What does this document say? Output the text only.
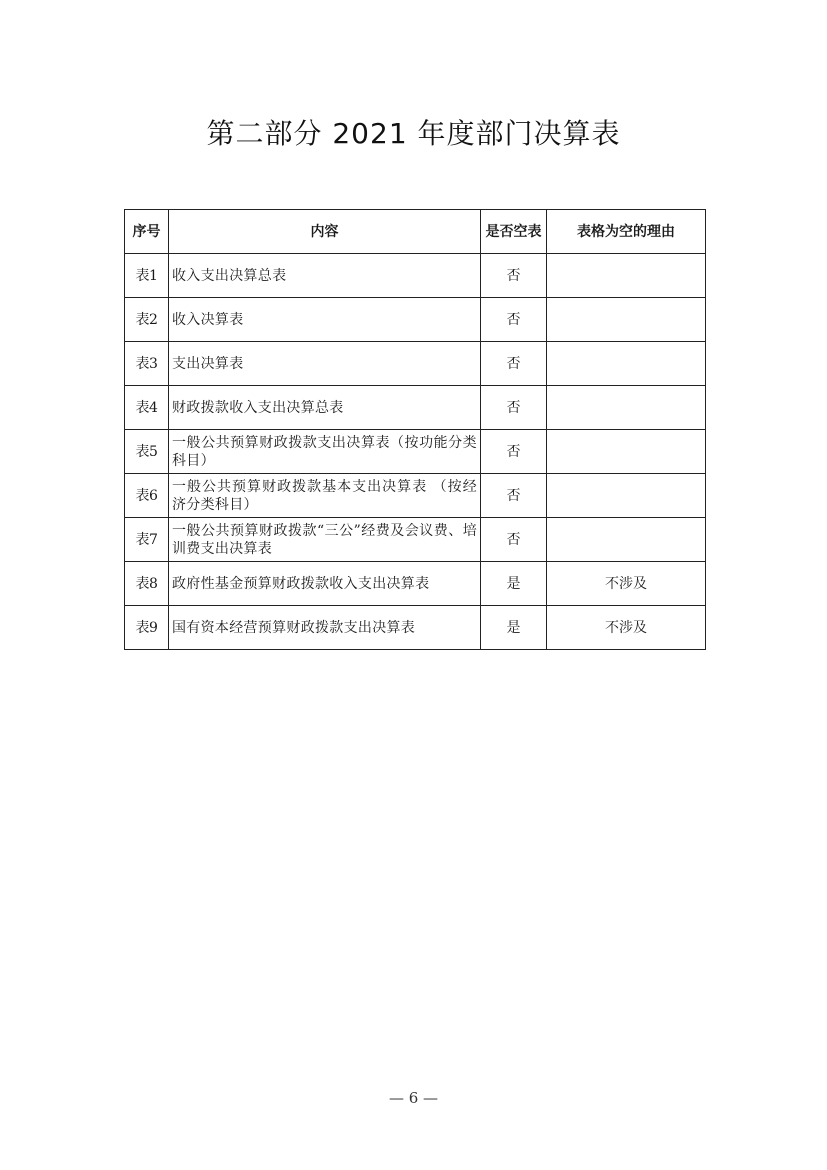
第二部分 2021 年度部门决算表
序号	内容	是否空表	表格为空的理由
表1	收入支出决算总表	否	
表2	收入决算表	否	
表3	支出决算表	否	
表4	财政拨款收入支出决算总表	否	
表5	一般公共预算财政拨款支出决算表（按功能分类科目）	否	
表6	一般公共预算财政拨款基本支出决算表 （按经济分类科目）	否	
表7	一般公共预算财政拨款“三公”经费及会议费、培训费支出决算表	否	
表8	政府性基金预算财政拨款收入支出决算表	是	不涉及
表9	国有资本经营预算财政拨款支出决算表	是	不涉及
— 6 —
